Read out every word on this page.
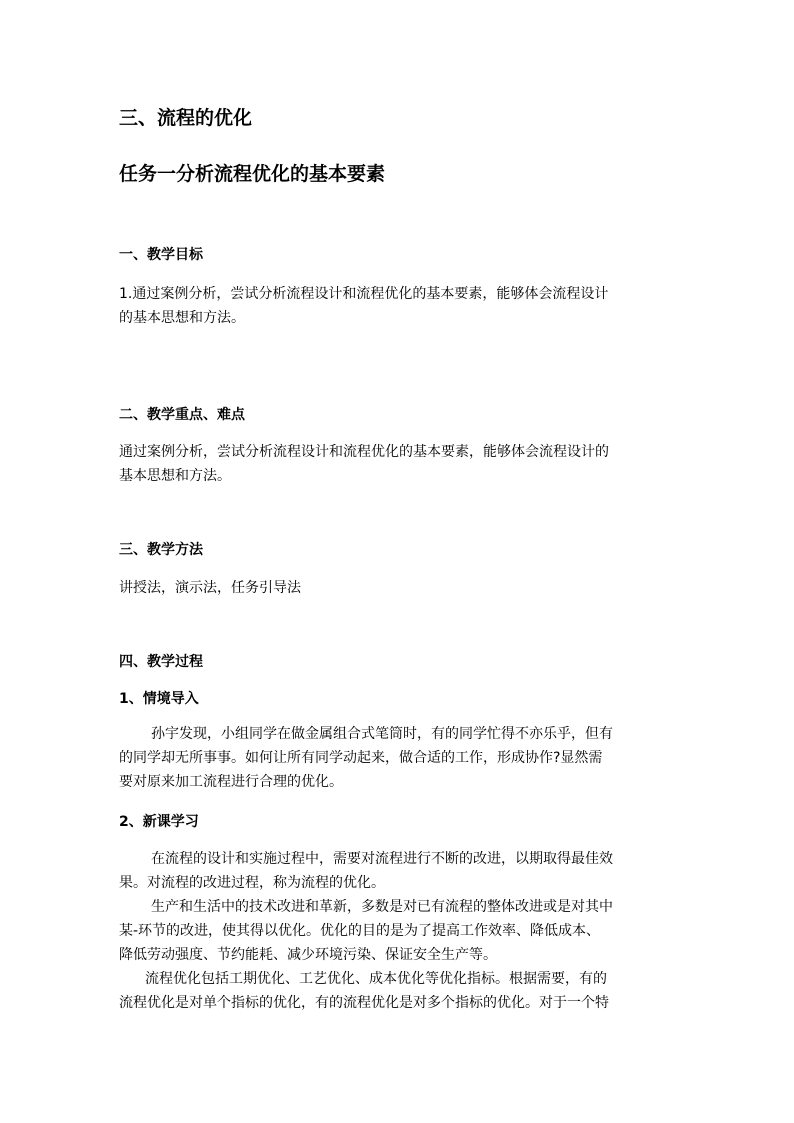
三、流程的优化
任务一分析流程优化的基本要素
一、教学目标
1.通过案例分析，尝试分析流程设计和流程优化的基本要素，能够体会流程设计
的基本思想和方法。
二、教学重点、难点
通过案例分析，尝试分析流程设计和流程优化的基本要素，能够体会流程设计的
基本思想和方法。
三、教学方法
讲授法，演示法，任务引导法
四、教学过程
1、情境导入
孙宇发现，小组同学在做金属组合式笔筒时，有的同学忙得不亦乐乎，但有
的同学却无所事事。如何让所有同学动起来，做合适的工作，形成协作?显然需
要对原来加工流程进行合理的优化。
2、新课学习
在流程的设计和实施过程中，需要对流程进行不断的改进，以期取得最佳效
果。对流程的改进过程，称为流程的优化。
生产和生活中的技术改进和革新，多数是对已有流程的整体改进或是对其中
某-环节的改进，使其得以优化。优化的目的是为了提高工作效率、降低成本、
降低劳动强度、节约能耗、减少环境污染、保证安全生产等。
流程优化包括工期优化、工艺优化、成本优化等优化指标。根据需要，有的
流程优化是对单个指标的优化，有的流程优化是对多个指标的优化。对于一个特
